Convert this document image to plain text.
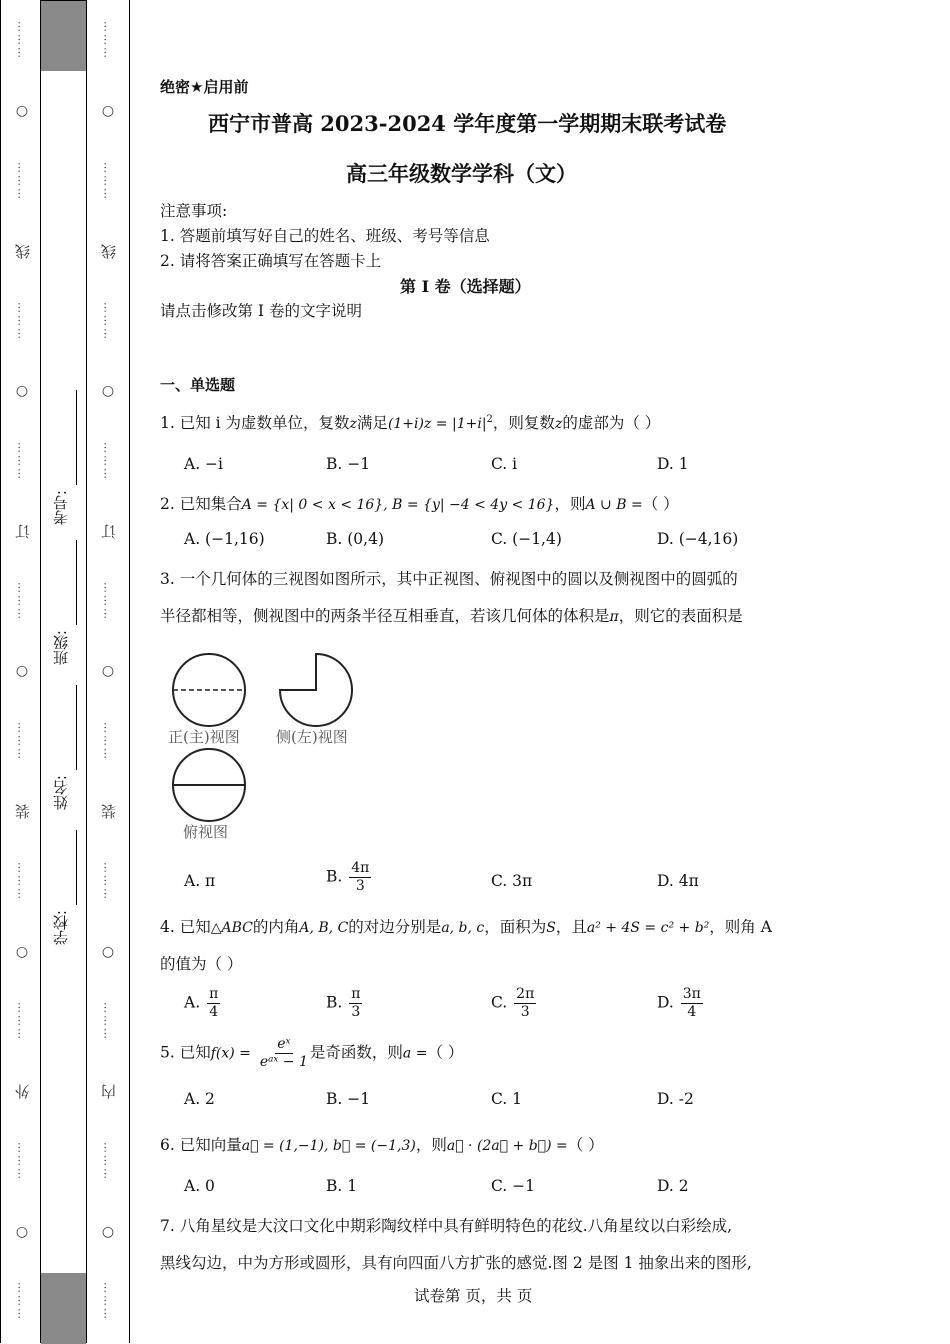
………
○
………
线
………
○
………
订
………
○
………
装
………
○
………
外
………
○
………
考号:
班级:
姓名:
学校:
………
○
………
线
………
○
………
订
………
○
………
装
………
○
………
内
………
○
………
绝密★启用前
西宁市普高 2023-2024 学年度第一学期期末联考试卷
高三年级数学学科（文）
注意事项:
1. 答题前填写好自己的姓名、班级、考号等信息
2. 请将答案正确填写在答题卡上
第 I 卷（选择题）
请点击修改第 I 卷的文字说明
一、单选题
1. 已知 i 为虚数单位，复数z满足$(1+i)z = |1+i|^2$，则复数z的虚部为（ ）
A. −i	B. −1	C. i	D. 1
2. 已知集合A = {x| 0 < x < 16}, B = {y| −4 < 4y < 16}，则A ∪ B =（ ）
A. (−1,16)	B. (0,4)	C. (−1,4)	D. (−4,16)
3. 一个几何体的三视图如图所示，其中正视图、俯视图中的圆以及侧视图中的圆弧的
半径都相等，侧视图中的两条半径互相垂直，若该几何体的体积是π，则它的表面积是
正(主)视图 侧(左)视图
俯视图
A. π	B. $\frac{4\pi}{3}$	C. 3π	D. 4π
4. 已知△ABC的内角A, B, C的对边分别是a, b, c，面积为S，且a² + 4S = c² + b²，则角 A
的值为（ ）
A. $\frac{\pi}{4}$	B. $\frac{\pi}{3}$	C. $\frac{2\pi}{3}$	D. $\frac{3\pi}{4}$
5. 已知$f(x) = \frac{\text{eˣ}}{\text{eᵃˣ − 1}}$ 是奇函数，则a =（ ）
A. 2	B. −1	C. 1	D. -2
6. 已知向量a⃗ = (1,−1), b⃗ = (−1,3)，则a⃗ · (2a⃗ + b⃗) =（ ）
A. 0	B. 1	C. −1	D. 2
7. 八角星纹是大汶口文化中期彩陶纹样中具有鲜明特色的花纹.八角星纹以白彩绘成,
黑线勾边，中为方形或圆形，具有向四面八方扩张的感觉.图 2 是图 1 抽象出来的图形,
试卷第 页，共 页
